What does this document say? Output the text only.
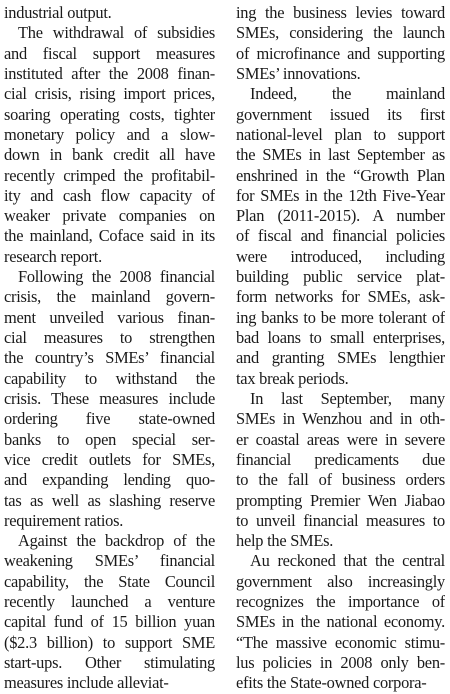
industrial output.
The withdrawal of subsidies
and fiscal support measures
instituted after the 2008 finan-
cial crisis, rising import prices,
soaring operating costs, tighter
monetary policy and a slow-
down in bank credit all have
recently crimped the profitabil-
ity and cash flow capacity of
weaker private companies on
the mainland, Coface said in its
research report.
Following the 2008 financial
crisis, the mainland govern-
ment unveiled various finan-
cial measures to strengthen
the country’s SMEs’ financial
capability to withstand the
crisis. These measures include
ordering five state-owned
banks to open special ser-
vice credit outlets for SMEs,
and expanding lending quo-
tas as well as slashing reserve
requirement ratios.
Against the backdrop of the
weakening SMEs’ financial
capability, the State Council
recently launched a venture
capital fund of 15 billion yuan
($2.3 billion) to support SME
start-ups. Other stimulating
measures include alleviat-
ing the business levies toward
SMEs, considering the launch
of microfinance and supporting
SMEs’ innovations.
Indeed, the mainland
government issued its first
national-level plan to support
the SMEs in last September as
enshrined in the “Growth Plan
for SMEs in the 12th Five-Year
Plan (2011-2015). A number
of fiscal and financial policies
were introduced, including
building public service plat-
form networks for SMEs, ask-
ing banks to be more tolerant of
bad loans to small enterprises,
and granting SMEs lengthier
tax break periods.
In last September, many
SMEs in Wenzhou and in oth-
er coastal areas were in severe
financial predicaments due
to the fall of business orders
prompting Premier Wen Jiabao
to unveil financial measures to
help the SMEs.
Au reckoned that the central
government also increasingly
recognizes the importance of
SMEs in the national economy.
“The massive economic stimu-
lus policies in 2008 only ben-
efits the State-owned corpora-
